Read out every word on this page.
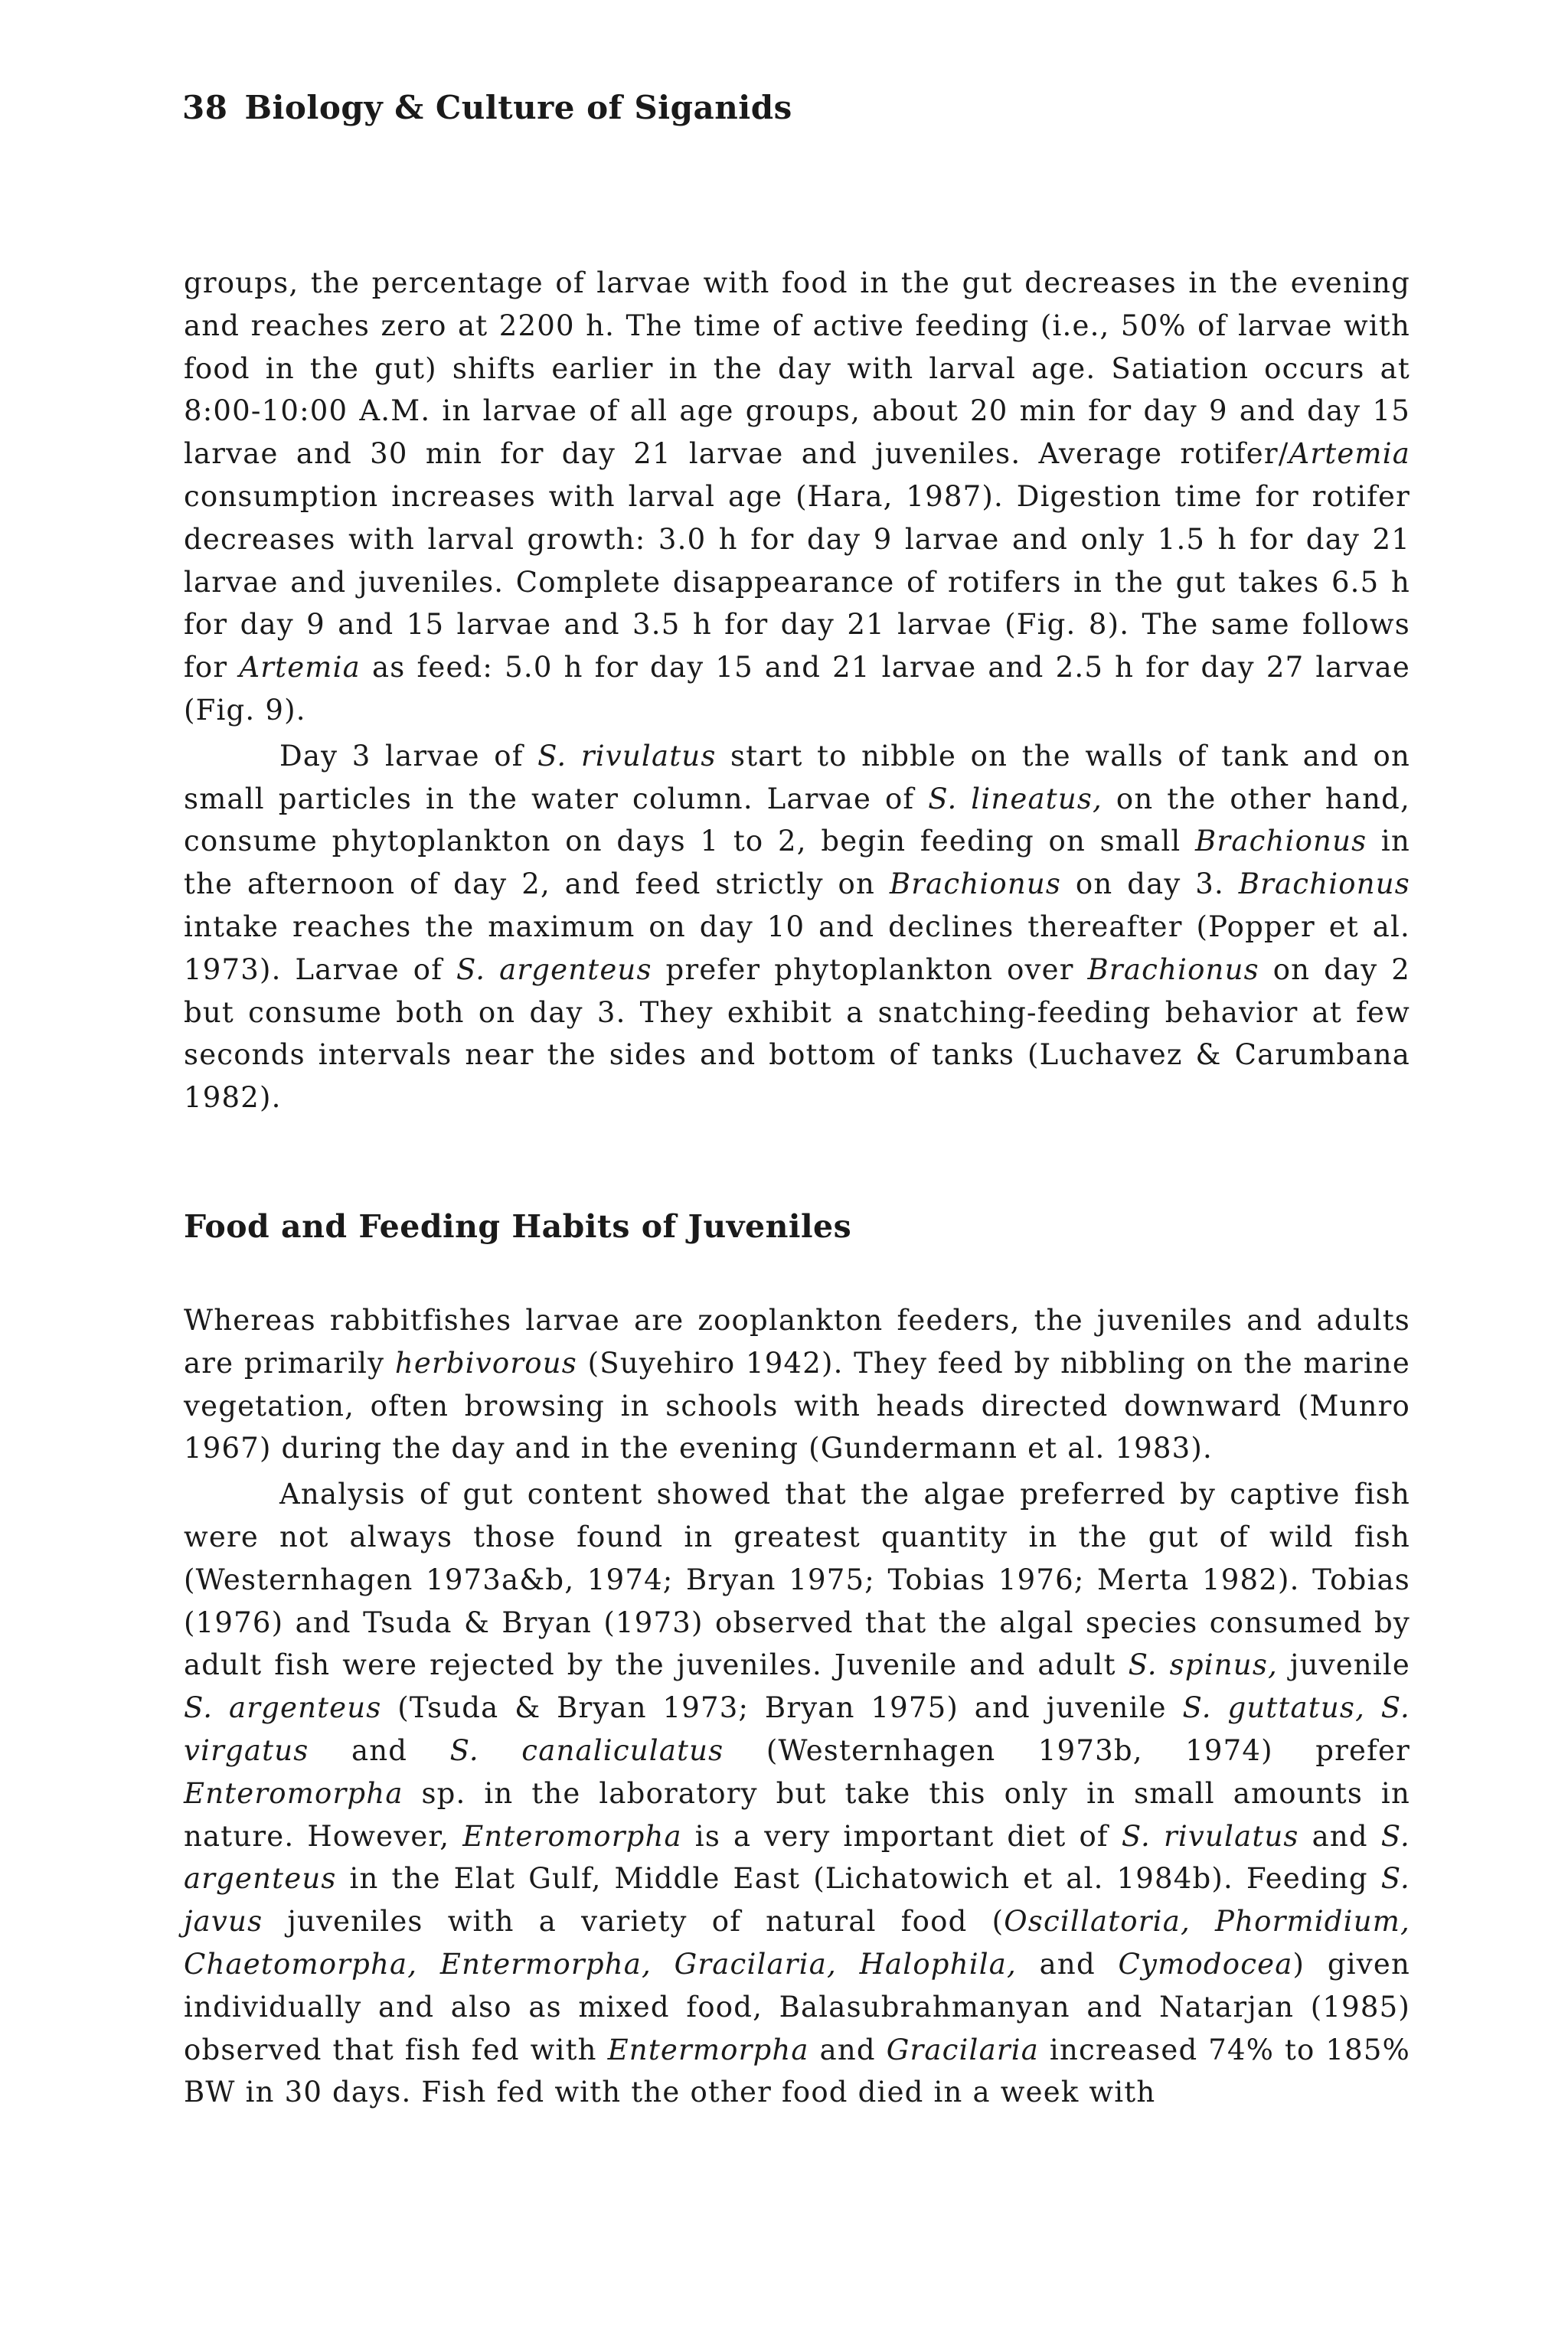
38 Biology & Culture of Siganids

groups, the percentage of larvae with food in the gut decreases in the evening and reaches zero at 2200 h. The time of active feeding (i.e., 50% of larvae with food in the gut) shifts earlier in the day with larval age. Satiation occurs at 8:00-10:00 A.M. in larvae of all age groups, about 20 min for day 9 and day 15 larvae and 30 min for day 21 larvae and juveniles. Average rotifer/Artemia consumption increases with larval age (Hara, 1987). Digestion time for rotifer decreases with larval growth: 3.0 h for day 9 larvae and only 1.5 h for day 21 larvae and juveniles. Complete disappearance of rotifers in the gut takes 6.5 h for day 9 and 15 larvae and 3.5 h for day 21 larvae (Fig. 8). The same follows for Artemia as feed: 5.0 h for day 15 and 21 larvae and 2.5 h for day 27 larvae (Fig. 9).

Day 3 larvae of S. rivulatus start to nibble on the walls of tank and on small particles in the water column. Larvae of S. lineatus, on the other hand, consume phytoplankton on days 1 to 2, begin feeding on small Brachionus in the afternoon of day 2, and feed strictly on Brachionus on day 3. Brachionus intake reaches the maximum on day 10 and declines thereafter (Popper et al. 1973). Larvae of S. argenteus prefer phytoplankton over Brachionus on day 2 but consume both on day 3. They exhibit a snatching-feeding behavior at few seconds intervals near the sides and bottom of tanks (Luchavez & Carumbana 1982).

Food and Feeding Habits of Juveniles

Whereas rabbitfishes larvae are zooplankton feeders, the juveniles and adults are primarily herbivorous (Suyehiro 1942). They feed by nibbling on the marine vegetation, often browsing in schools with heads directed downward (Munro 1967) during the day and in the evening (Gundermann et al. 1983).

Analysis of gut content showed that the algae preferred by captive fish were not always those found in greatest quantity in the gut of wild fish (Westernhagen 1973a&b, 1974; Bryan 1975; Tobias 1976; Merta 1982). Tobias (1976) and Tsuda & Bryan (1973) observed that the algal species consumed by adult fish were rejected by the juveniles. Juvenile and adult S. spinus, juvenile S. argenteus (Tsuda & Bryan 1973; Bryan 1975) and juvenile S. guttatus, S. virgatus and S. canaliculatus (Westernhagen 1973b, 1974) prefer Enteromorpha sp. in the laboratory but take this only in small amounts in nature. However, Enteromorpha is a very important diet of S. rivulatus and S. argenteus in the Elat Gulf, Middle East (Lichatowich et al. 1984b). Feeding S. javus juveniles with a variety of natural food (Oscillatoria, Phormidium, Chaetomorpha, Entermorpha, Gracilaria, Halophila, and Cymodocea) given individually and also as mixed food, Balasubrahmanyan and Natarjan (1985) observed that fish fed with Entermorpha and Gracilaria increased 74% to 185% BW in 30 days. Fish fed with the other food died in a week with
